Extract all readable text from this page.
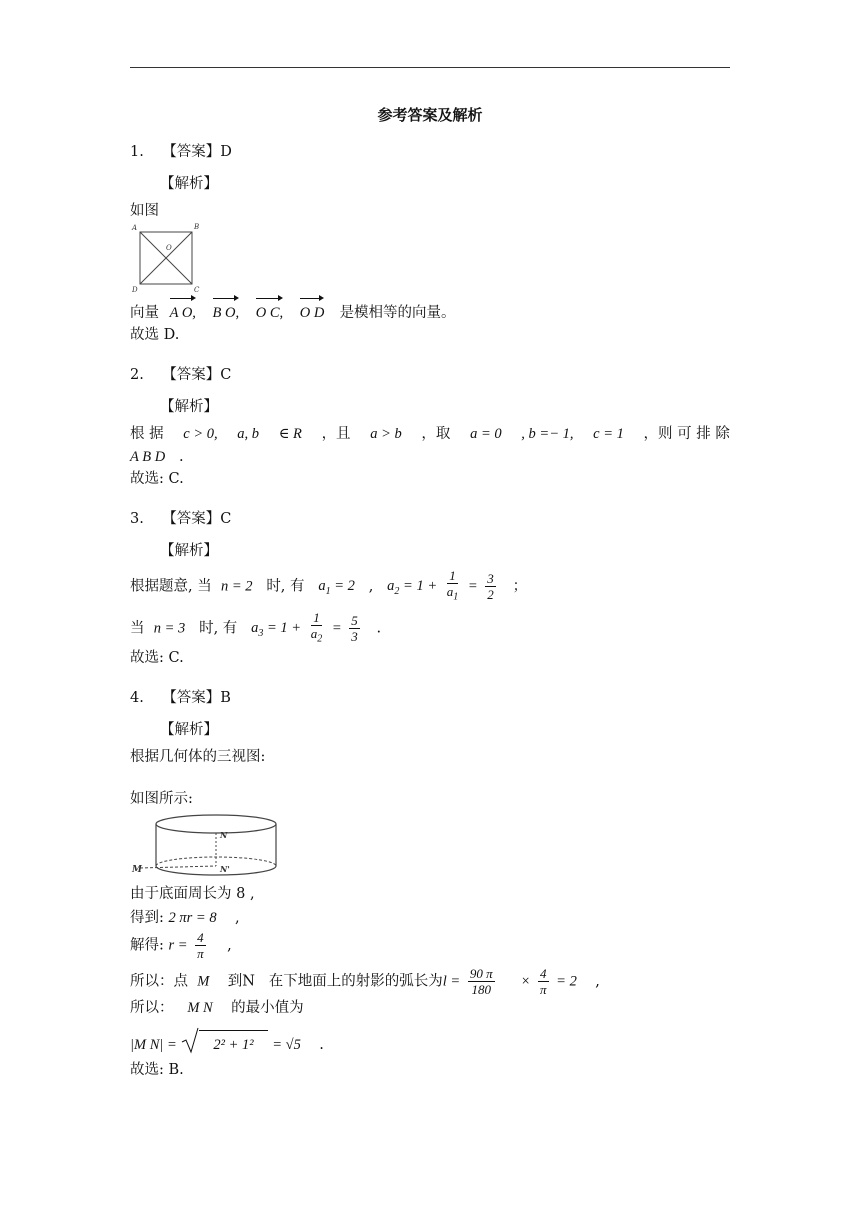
参考答案及解析
1. 【答案】D
【解析】
如图
A	B
C
D
O
向量 A O, B O, O C, O D 是模相等的向量。
故选 D.
2. 【答案】C
【解析】
根 据 c > 0, a, b ∈ R ，且 a > b ，取 a = 0 , b =− 1, c = 1 ，则 可 排 除
A B D .
故选: C.
3. 【答案】C
【解析】
根据题意, 当 n = 2 时, 有 $a_1 = 2$ , $a_2 = 1 + \frac{1}{a_1} = \frac{3}{2}$ ；
当 n = 3 时, 有 $a_3 = 1 + \frac{1}{a_2} = \frac{5}{3}$ .
故选: C.
4. 【答案】B
【解析】
根据几何体的三视图:
如图所示:
M
N
N'
由于底面周长为 8 ,
得到: 2 πr = 8 ,
解得: $r = \frac{4}{\pi}$ ,
所以：点 M 到N 在下地面上的射影的弧长为$l = \frac{90 \pi}{180} \times \frac{4}{\pi} = 2$ ,
所以： M N 的最小值为
|M N| =	2² + 1² = √5 .
故选: B.
